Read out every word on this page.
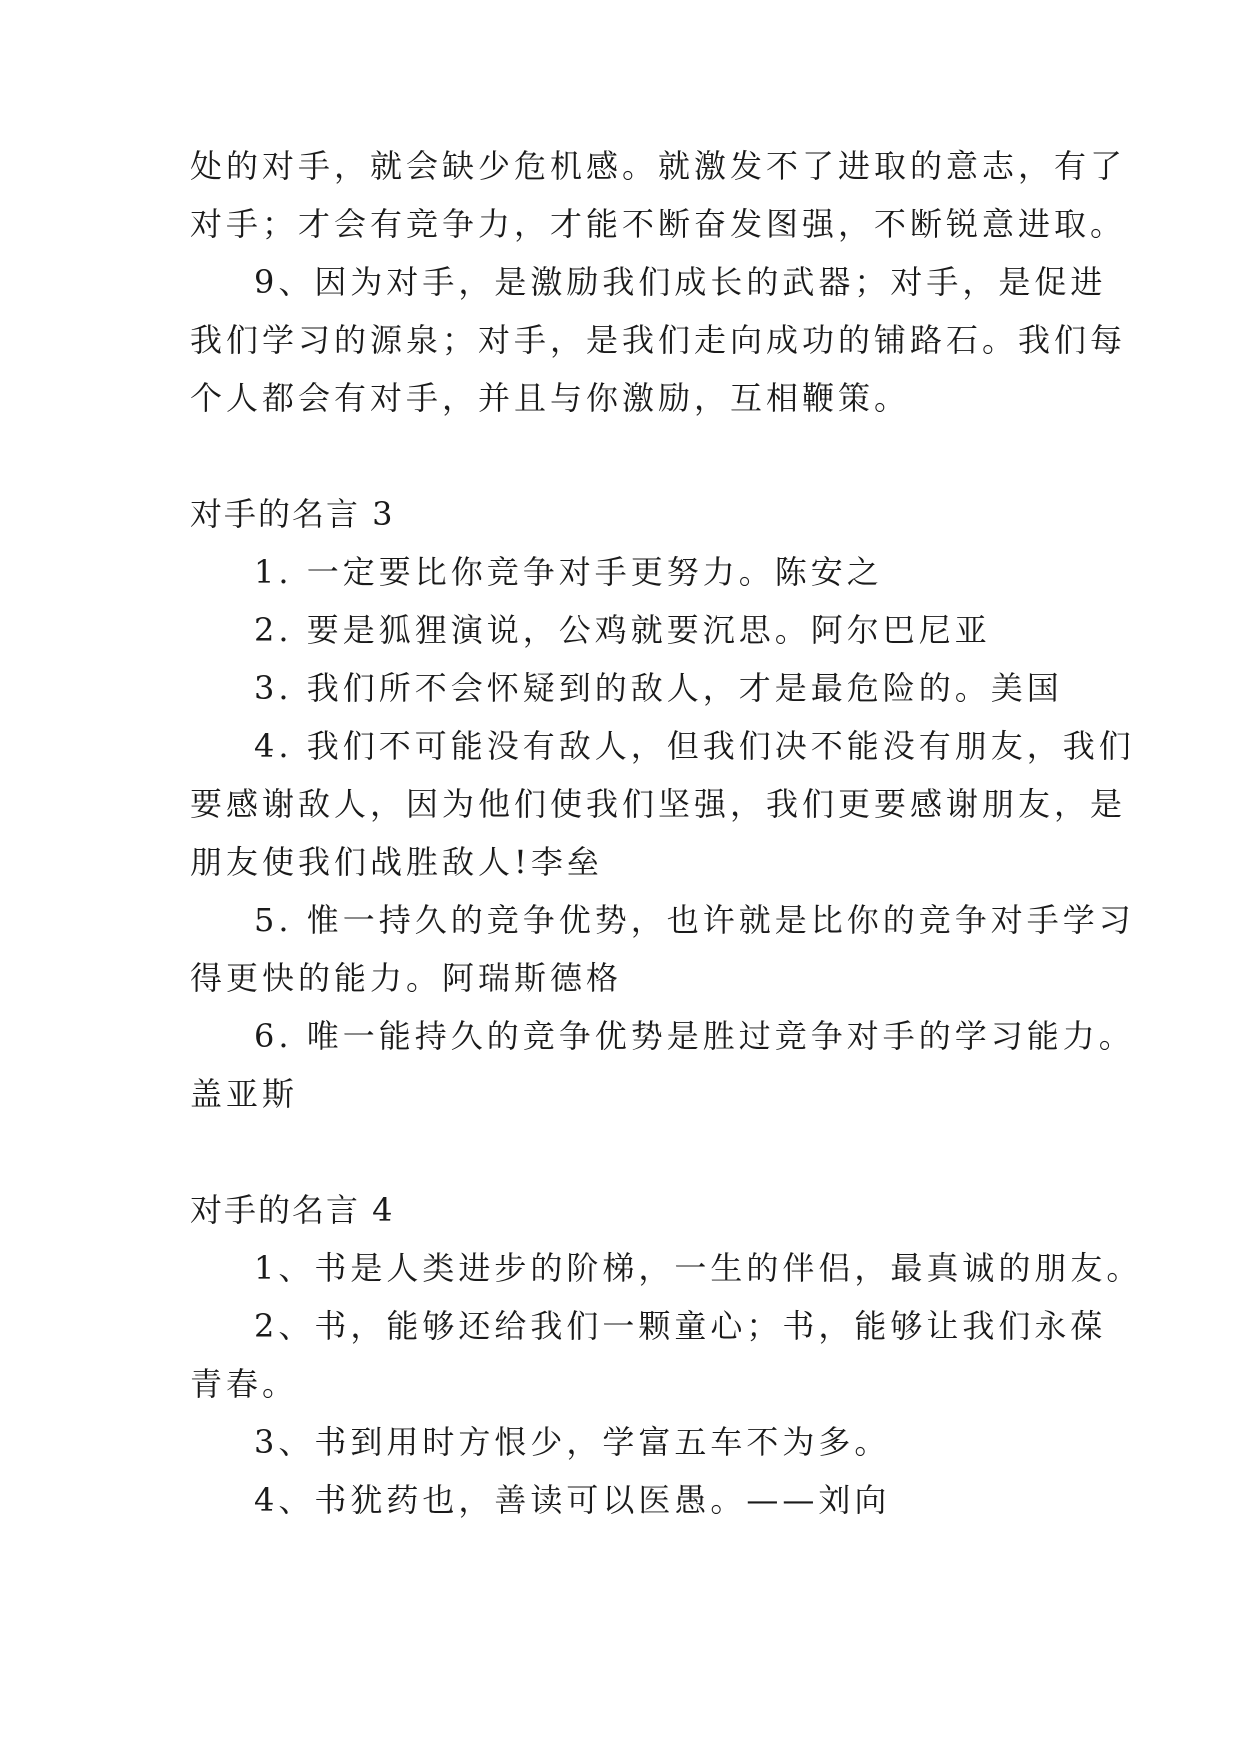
处的对手，就会缺少危机感。就激发不了进取的意志，有了
对手；才会有竞争力，才能不断奋发图强，不断锐意进取。
9、因为对手，是激励我们成长的武器；对手，是促进
我们学习的源泉；对手，是我们走向成功的铺路石。我们每
个人都会有对手，并且与你激励，互相鞭策。
对手的名言 3
1. 一定要比你竞争对手更努力。陈安之
2. 要是狐狸演说，公鸡就要沉思。阿尔巴尼亚
3. 我们所不会怀疑到的敌人，才是最危险的。美国
4. 我们不可能没有敌人，但我们决不能没有朋友，我们
要感谢敌人，因为他们使我们坚强，我们更要感谢朋友，是
朋友使我们战胜敌人!李垒
5. 惟一持久的竞争优势，也许就是比你的竞争对手学习
得更快的能力。阿瑞斯德格
6. 唯一能持久的竞争优势是胜过竞争对手的学习能力。
盖亚斯
对手的名言 4
1、书是人类进步的阶梯，一生的伴侣，最真诚的朋友。
2、书，能够还给我们一颗童心；书，能够让我们永葆
青春。
3、书到用时方恨少，学富五车不为多。
4、书犹药也，善读可以医愚。——刘向
